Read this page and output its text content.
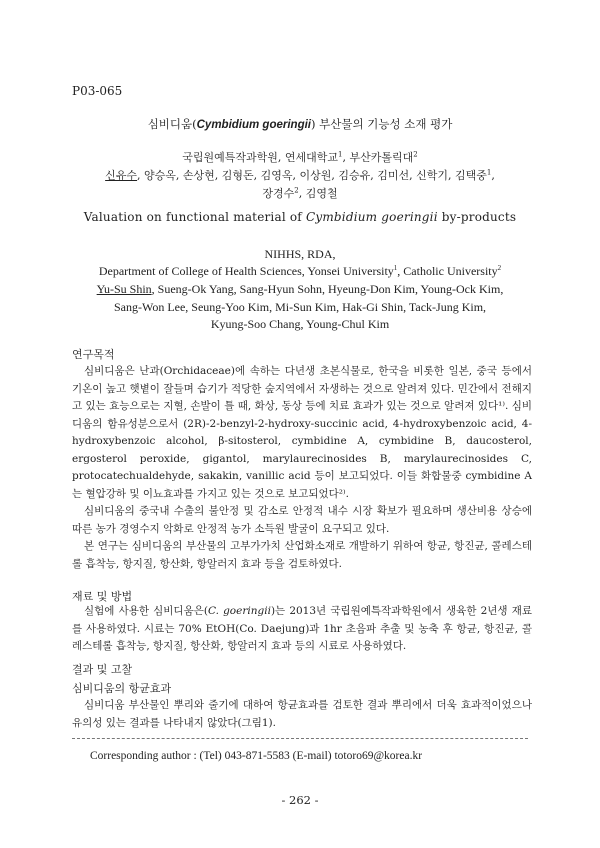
P03-065
심비디움(Cymbidium goeringii) 부산물의 기능성 소재 평가
국립원예특작과학원, 연세대학교$^1$, 부산카톨릭대$^2$
신유수, 양승옥, 손상현, 김형돈, 김영옥, 이상원, 김승유, 김미선, 신학기, 김택중$^1$,
장경수$^2$, 김영철
Valuation on functional material of Cymbidium goeringii by-products
NIHHS, RDA,
Department of College of Health Sciences, Yonsei University$^1$, Catholic University$^2$
Yu-Su Shin, Sueng-Ok Yang, Sang-Hyun Sohn, Hyeung-Don Kim, Young-Ock Kim,
Sang-Won Lee, Seung-Yoo Kim, Mi-Sun Kim, Hak-Gi Shin, Tack-Jung Kim,
Kyung-Soo Chang, Young-Chul Kim
연구목적
심비디움은 난과(Orchidaceae)에 속하는 다년생 초본식물로, 한국을 비롯한 일본, 중국 등에서 기온이 높고 햇볕이 잘들며 습기가 적당한 숲지역에서 자생하는 것으로 알려져 있다. 민간에서 전해지고 있는 효능으로는 지혈, 손발이 틀 때, 화상, 동상 등에 치료 효과가 있는 것으로 알려져 있다¹⁾. 심비디움의 함유성분으로서 (2R)-2-benzyl-2-hydroxy-succinic acid, 4-hydroxybenzoic acid, 4-hydroxybenzoic alcohol, β-sitosterol, cymbidine A, cymbidine B, daucosterol, ergosterol peroxide, gigantol, marylaurecinosides B, marylaurecinosides C, protocatechualdehyde, sakakin, vanillic acid 등이 보고되었다. 이들 화합물중 cymbidine A는 혈압강하 및 이뇨효과를 가지고 있는 것으로 보고되었다²⁾.
심비디움의 중국내 수출의 불안정 및 감소로 안정적 내수 시장 확보가 필요하며 생산비용 상승에 따른 농가 경영수지 악화로 안정적 농가 소득원 발굴이 요구되고 있다.
본 연구는 심비디움의 부산물의 고부가가치 산업화소재로 개발하기 위하여 항균, 항진균, 콜레스테롤 흡착능, 항지질, 항산화, 항알러지 효과 등을 검토하였다.
재료 및 방법
실험에 사용한 심비디움은(C. goeringii)는 2013년 국립원예특작과학원에서 생육한 2년생 재료를 사용하였다. 시료는 70% EtOH(Co. Daejung)과 1hr 초음파 추출 및 농축 후 항균, 항진균, 콜레스테롤 흡착능, 항지질, 항산화, 항알러지 효과 등의 시료로 사용하였다.
결과 및 고찰
심비디움의 항균효과
심비디움 부산물인 뿌리와 줄기에 대하여 항균효과를 검토한 결과 뿌리에서 더욱 효과적이었으나 유의성 있는 결과를 나타내지 않았다(그림1).
Corresponding author : (Tel) 043-871-5583 (E-mail) totoro69@korea.kr
- 262 -
